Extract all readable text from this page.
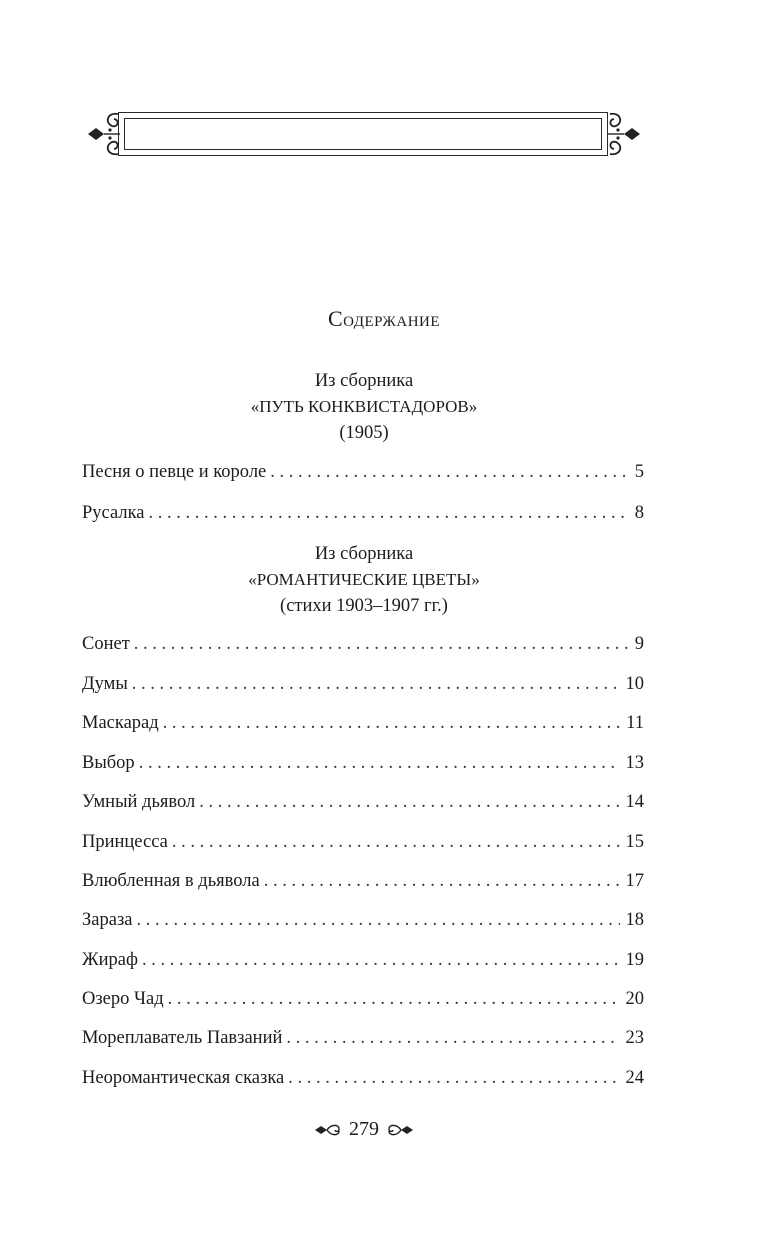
Содержание
Из сборника
«ПУТЬ КОНКВИСТАДОРОВ»
(1905)
Песня о певце и короле . . .	5
Русалка . . .	8
Из сборника
«РОМАНТИЧЕСКИЕ ЦВЕТЫ»
(стихи 1903–1907 гг.)
Сонет . . .	9
Думы . . .	10
Маскарад . . .	11
Выбор . . .	13
Умный дьявол . . .	14
Принцесса . . .	15
Влюбленная в дьявола . . .	17
Зараза . . .	18
Жираф . . .	19
Озеро Чад . . .	20
Мореплаватель Павзаний . . .	23
Неоромантическая сказка . . .	24
279
